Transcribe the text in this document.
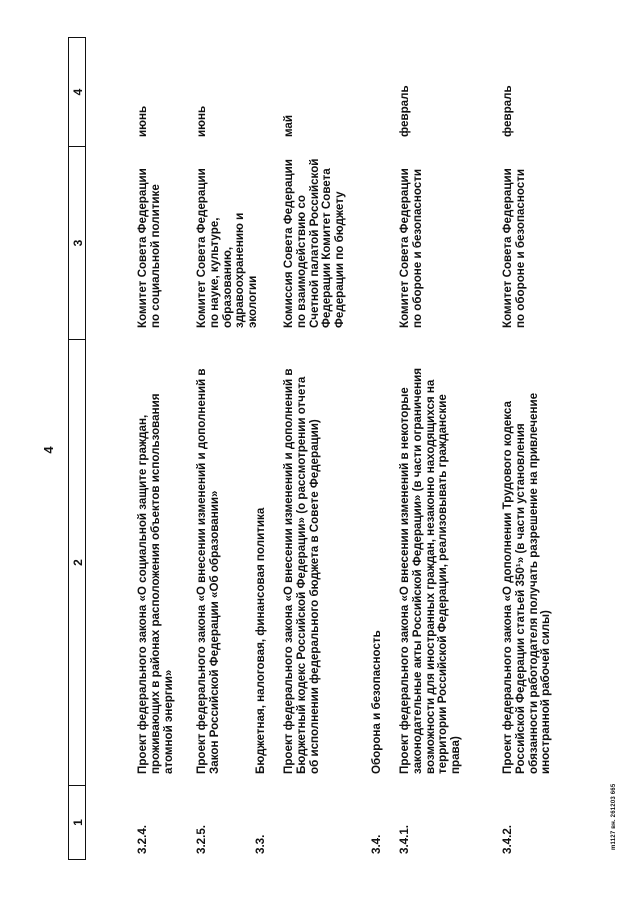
4
1
2
3
4
3.2.4.
Проект федерального закона «О социальной защите граждан, проживающих в районах расположения объектов использования атомной энергии»
Комитет Совета Федерации по социальной политике
июнь
3.2.5.
Проект федерального закона «О внесении изменений и дополнений в Закон Российской Федерации «Об образовании»
Комитет Совета Федерации по науке, культуре, образованию, здравоохранению и экологии
июнь
3.3.
Бюджетная, налоговая, финансовая политика Проект федерального закона «О внесении изменений и дополнений в Бюджетный кодекс Российской Федерации» (о рассмотрении отчета об исполнении федерального бюджета в Совете Федерации)
Комиссия Совета Федерации по взаимодействию со Счетной палатой Российской Федерации Комитет Совета Федерации по бюджету
май
3.4.
Оборона и безопасность
3.4.1.
Проект федерального закона «О внесении изменений в некоторые законодательные акты Российской Федерации» (в части ограничения возможности для иностранных граждан, незаконно находящихся на территории Российской Федерации, реализовывать гражданские права)
Комитет Совета Федерации по обороне и безопасности
февраль
3.4.2.
Проект федерального закона «О дополнении Трудового кодекса Российской Федерации статьей 350¹» (в части установления обязанности работодателя получать разрешение на привлечение иностранной рабочей силы)
Комитет Совета Федерации по обороне и безопасности
февраль
m1127 вн. 261203 665
